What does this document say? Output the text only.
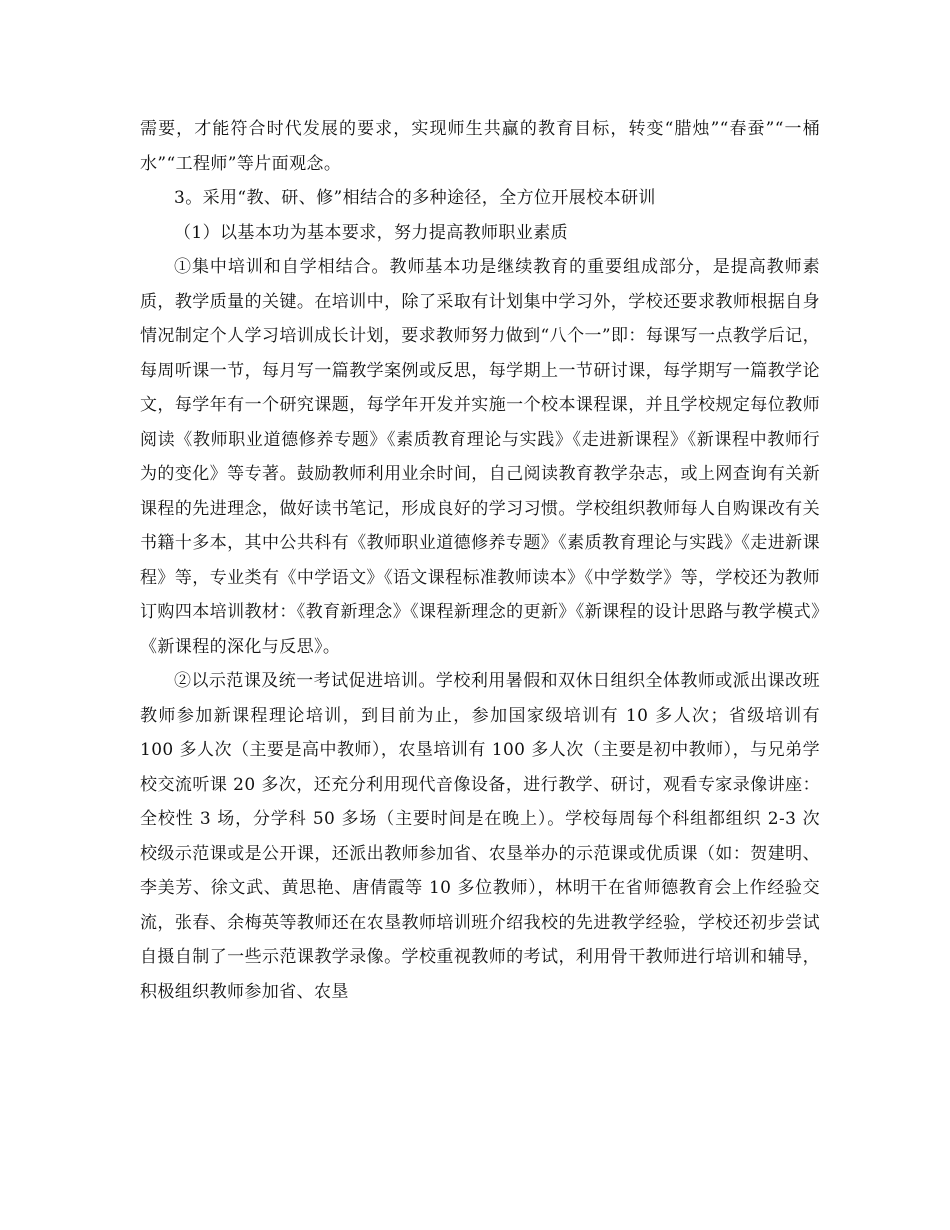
需要，才能符合时代发展的要求，实现师生共赢的教育目标，转变“腊烛”“春蚕”“一桶水”“工程师”等片面观念。

3。采用“教、研、修”相结合的多种途径，全方位开展校本研训

（1）以基本功为基本要求，努力提高教师职业素质

①集中培训和自学相结合。教师基本功是继续教育的重要组成部分，是提高教师素质，教学质量的关键。在培训中，除了采取有计划集中学习外，学校还要求教师根据自身情况制定个人学习培训成长计划，要求教师努力做到“八个一”即：每课写一点教学后记，每周听课一节，每月写一篇教学案例或反思，每学期上一节研讨课，每学期写一篇教学论文，每学年有一个研究课题，每学年开发并实施一个校本课程课，并且学校规定每位教师阅读《教师职业道德修养专题》《素质教育理论与实践》《走进新课程》《新课程中教师行为的变化》等专著。鼓励教师利用业余时间，自己阅读教育教学杂志，或上网查询有关新课程的先进理念，做好读书笔记，形成良好的学习习惯。学校组织教师每人自购课改有关书籍十多本，其中公共科有《教师职业道德修养专题》《素质教育理论与实践》《走进新课程》等，专业类有《中学语文》《语文课程标准教师读本》《中学数学》等，学校还为教师订购四本培训教材：《教育新理念》《课程新理念的更新》《新课程的设计思路与教学模式》《新课程的深化与反思》。

②以示范课及统一考试促进培训。学校利用暑假和双休日组织全体教师或派出课改班教师参加新课程理论培训，到目前为止，参加国家级培训有 10 多人次；省级培训有 100 多人次（主要是高中教师），农垦培训有 100 多人次（主要是初中教师），与兄弟学校交流听课 20 多次，还充分利用现代音像设备，进行教学、研讨，观看专家录像讲座：全校性 3 场，分学科 50 多场（主要时间是在晚上）。学校每周每个科组都组织 2-3 次校级示范课或是公开课，还派出教师参加省、农垦举办的示范课或优质课（如：贺建明、李美芳、徐文武、黄思艳、唐倩霞等 10 多位教师），林明干在省师德教育会上作经验交流，张春、余梅英等教师还在农垦教师培训班介绍我校的先进教学经验，学校还初步尝试自摄自制了一些示范课教学录像。学校重视教师的考试，利用骨干教师进行培训和辅导，积极组织教师参加省、农垦
